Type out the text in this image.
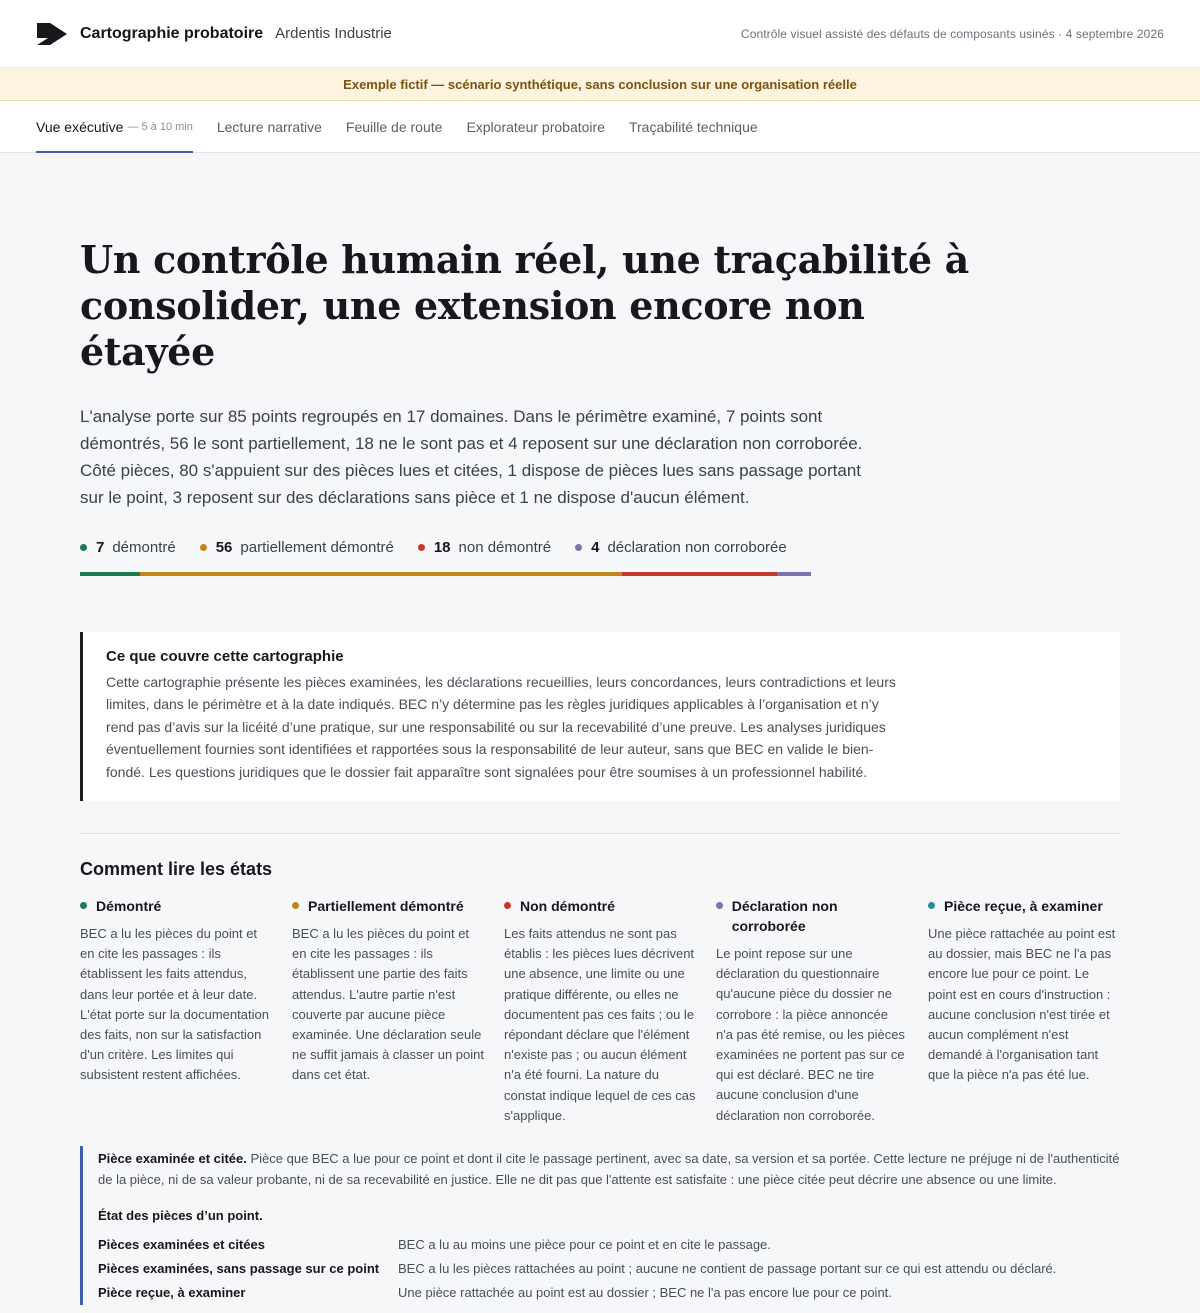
Cartographie probatoire Ardentis Industrie	Contrôle visuel assisté des défauts de composants usinés · 4 septembre 2026
Exemple fictif — scénario synthétique, sans conclusion sur une organisation réelle
Vue exécutive — 5 à 10 min Lecture narrative Feuille de route Explorateur probatoire Traçabilité technique
Un contrôle humain réel, une traçabilité à consolider, une extension encore non étayée

L'analyse porte sur 85 points regroupés en 17 domaines. Dans le périmètre examiné, 7 points sont démontrés, 56 le sont partiellement, 18 ne le sont pas et 4 reposent sur une déclaration non corroborée. Côté pièces, 80 s'appuient sur des pièces lues et citées, 1 dispose de pièces lues sans passage portant sur le point, 3 reposent sur des déclarations sans pièce et 1 ne dispose d'aucun élément.

7 démontré	56 partiellement démontré	18 non démontré	4 déclaration non corroborée
Ce que couvre cette cartographie

Cette cartographie présente les pièces examinées, les déclarations recueillies, leurs concordances, leurs contradictions et leurs limites, dans le périmètre et à la date indiqués. BEC n’y détermine pas les règles juridiques applicables à l’organisation et n’y rend pas d’avis sur la licéité d’une pratique, sur une responsabilité ou sur la recevabilité d’une preuve. Les analyses juridiques éventuellement fournies sont identifiées et rapportées sous la responsabilité de leur auteur, sans que BEC en valide le bien-fondé. Les questions juridiques que le dossier fait apparaître sont signalées pour être soumises à un professionnel habilité.

Comment lire les états
Démontré

BEC a lu les pièces du point et en cite les passages : ils établissent les faits attendus, dans leur portée et à leur date. L'état porte sur la documentation des faits, non sur la satisfaction d'un critère. Les limites qui subsistent restent affichées.

Partiellement démontré

BEC a lu les pièces du point et en cite les passages : ils établissent une partie des faits attendus. L'autre partie n'est couverte par aucune pièce examinée. Une déclaration seule ne suffit jamais à classer un point dans cet état.

Non démontré

Les faits attendus ne sont pas établis : les pièces lues décrivent une absence, une limite ou une pratique différente, ou elles ne documentent pas ces faits ; ou le répondant déclare que l'élément n'existe pas ; ou aucun élément n'a été fourni. La nature du constat indique lequel de ces cas s'applique.

Déclaration non corroborée

Le point repose sur une déclaration du questionnaire qu'aucune pièce du dossier ne corrobore : la pièce annoncée n'a pas été remise, ou les pièces examinées ne portent pas sur ce qui est déclaré. BEC ne tire aucune conclusion d'une déclaration non corroborée.

Pièce reçue, à examiner

Une pièce rattachée au point est au dossier, mais BEC ne l'a pas encore lue pour ce point. Le point est en cours d'instruction : aucune conclusion n'est tirée et aucun complément n'est demandé à l'organisation tant que la pièce n'a pas été lue.

Pièce examinée et citée. Pièce que BEC a lue pour ce point et dont il cite le passage pertinent, avec sa date, sa version et sa portée. Cette lecture ne préjuge ni de l'authenticité de la pièce, ni de sa valeur probante, ni de sa recevabilité en justice. Elle ne dit pas que l'attente est satisfaite : une pièce citée peut décrire une absence ou une limite.

État des pièces d’un point.

Pièces examinées et citées	BEC a lu au moins une pièce pour ce point et en cite le passage.
Pièces examinées, sans passage sur ce point	BEC a lu les pièces rattachées au point ; aucune ne contient de passage portant sur ce qui est attendu ou déclaré.
Pièce reçue, à examiner	Une pièce rattachée au point est au dossier ; BEC ne l'a pas encore lue pour ce point.
